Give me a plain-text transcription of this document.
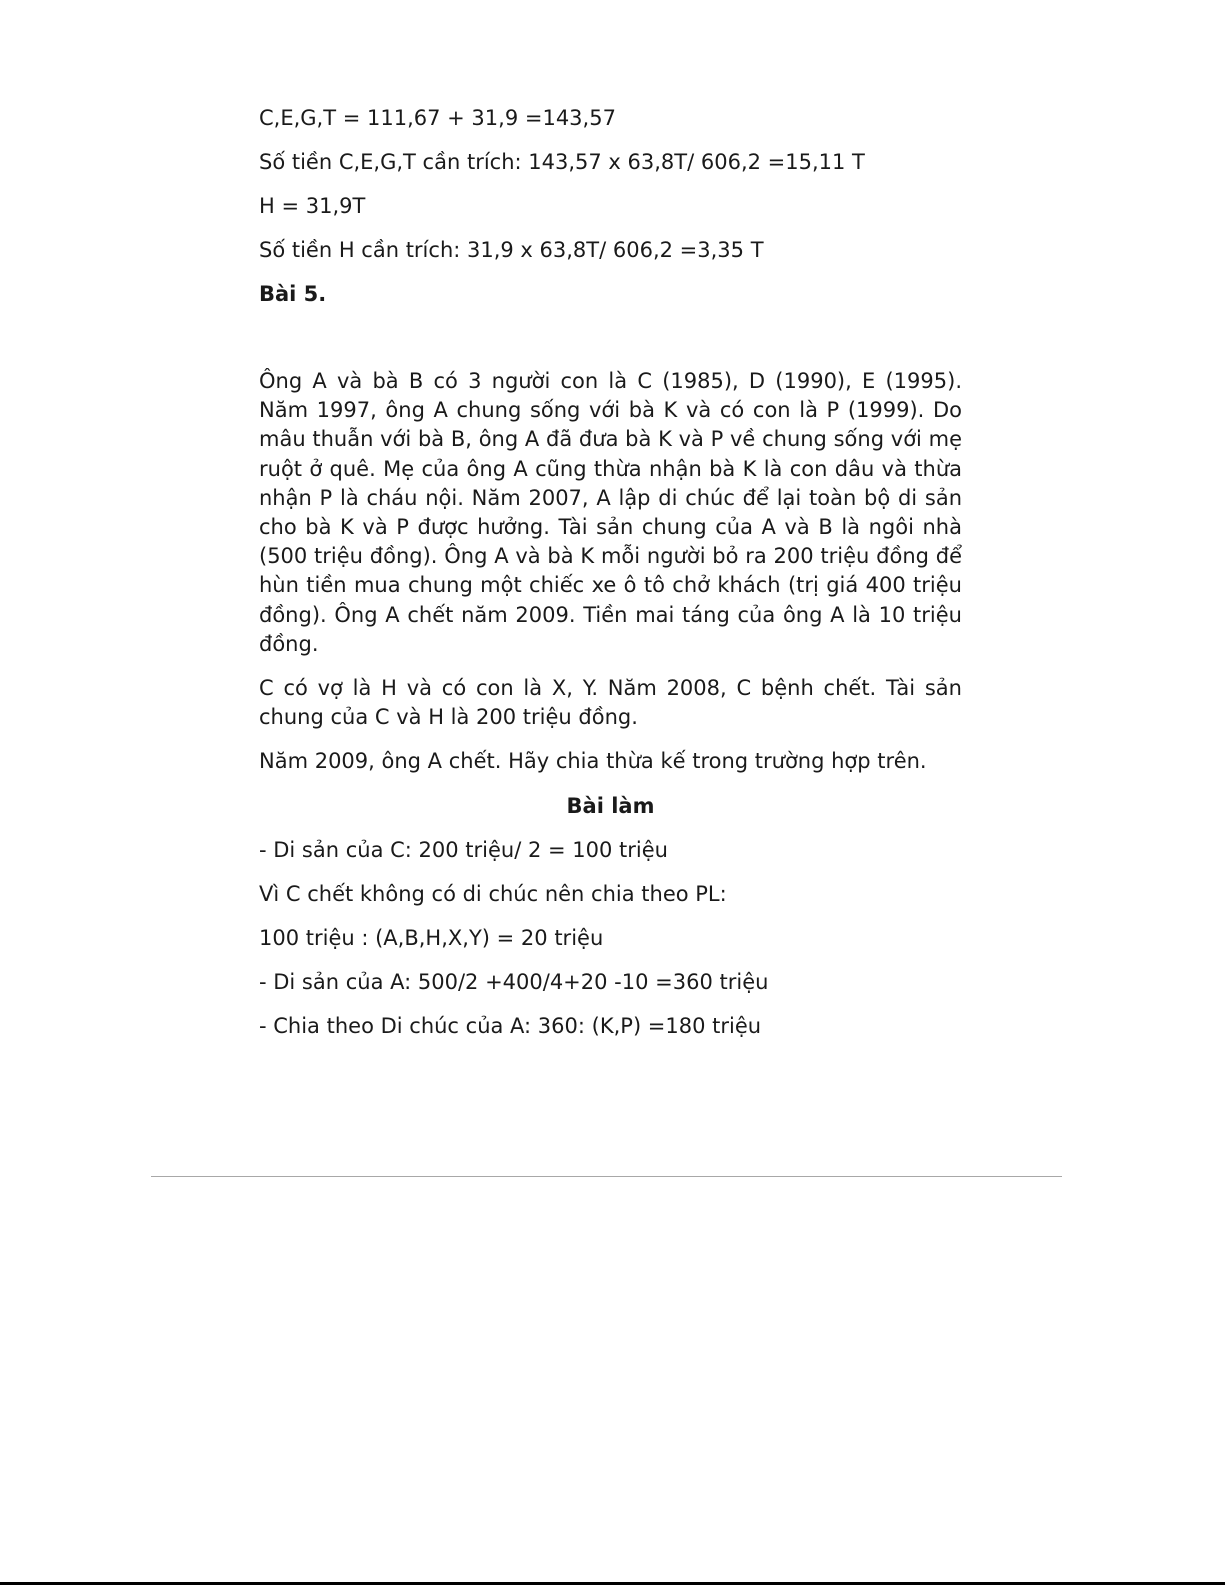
C,E,G,T = 111,67 + 31,9 =143,57
Số tiền C,E,G,T cần trích: 143,57 x 63,8T/ 606,2 =15,11 T
H = 31,9T
Số tiền H cần trích: 31,9 x 63,8T/ 606,2 =3,35 T
Bài 5.
Ông A và bà B có 3 người con là C (1985), D (1990), E (1995). Năm 1997, ông A chung sống với bà K và có con là P (1999). Do mâu thuẫn với bà B, ông A đã đưa bà K và P về chung sống với mẹ ruột ở quê. Mẹ của ông A cũng thừa nhận bà K là con dâu và thừa nhận P là cháu nội. Năm 2007, A lập di chúc để lại toàn bộ di sản cho bà K và P được hưởng. Tài sản chung của A và B là ngôi nhà (500 triệu đồng). Ông A và bà K mỗi người bỏ ra 200 triệu đồng để hùn tiền mua chung một chiếc xe ô tô chở khách (trị giá 400 triệu đồng). Ông A chết năm 2009. Tiền mai táng của ông A là 10 triệu đồng.
C có vợ là H và có con là X, Y. Năm 2008, C bệnh chết. Tài sản chung của C và H là 200 triệu đồng.
Năm 2009, ông A chết. Hãy chia thừa kế trong trường hợp trên.
Bài làm
- Di sản của C: 200 triệu/ 2 = 100 triệu
Vì C chết không có di chúc nên chia theo PL:
100 triệu : (A,B,H,X,Y) = 20 triệu
- Di sản của A: 500/2 +400/4+20 -10 =360 triệu
- Chia theo Di chúc của A: 360: (K,P) =180 triệu
